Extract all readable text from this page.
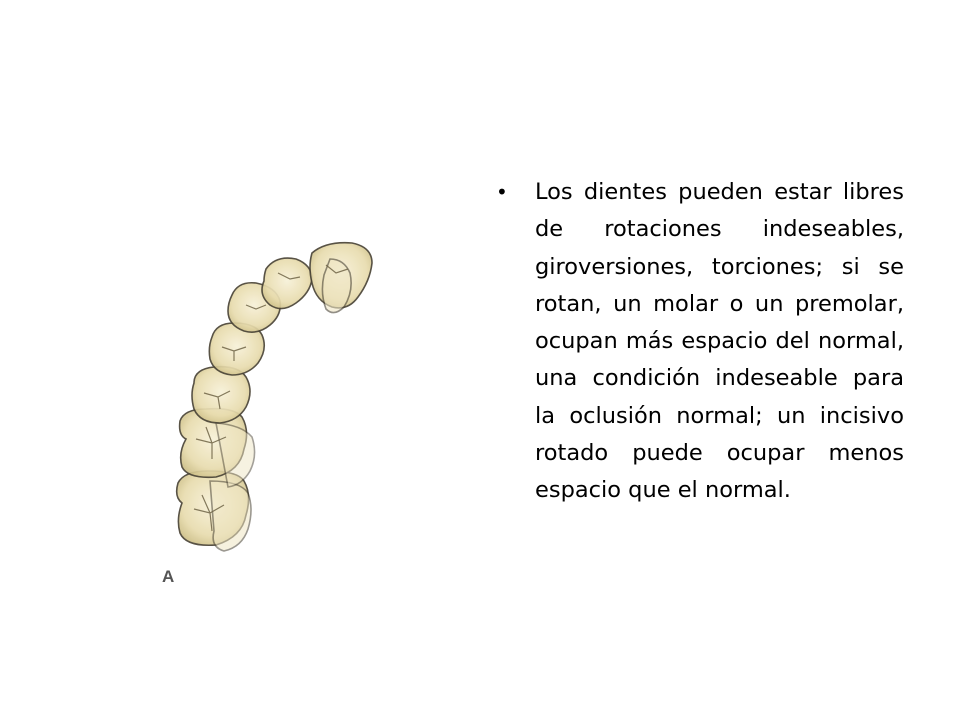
A
• Los dientes pueden estar libres de rotaciones indeseables, giroversiones, torciones; si se rotan, un molar o un premolar, ocupan más espacio del normal, una condición indeseable para la oclusión normal; un incisivo rotado puede ocupar menos espacio que el normal.
